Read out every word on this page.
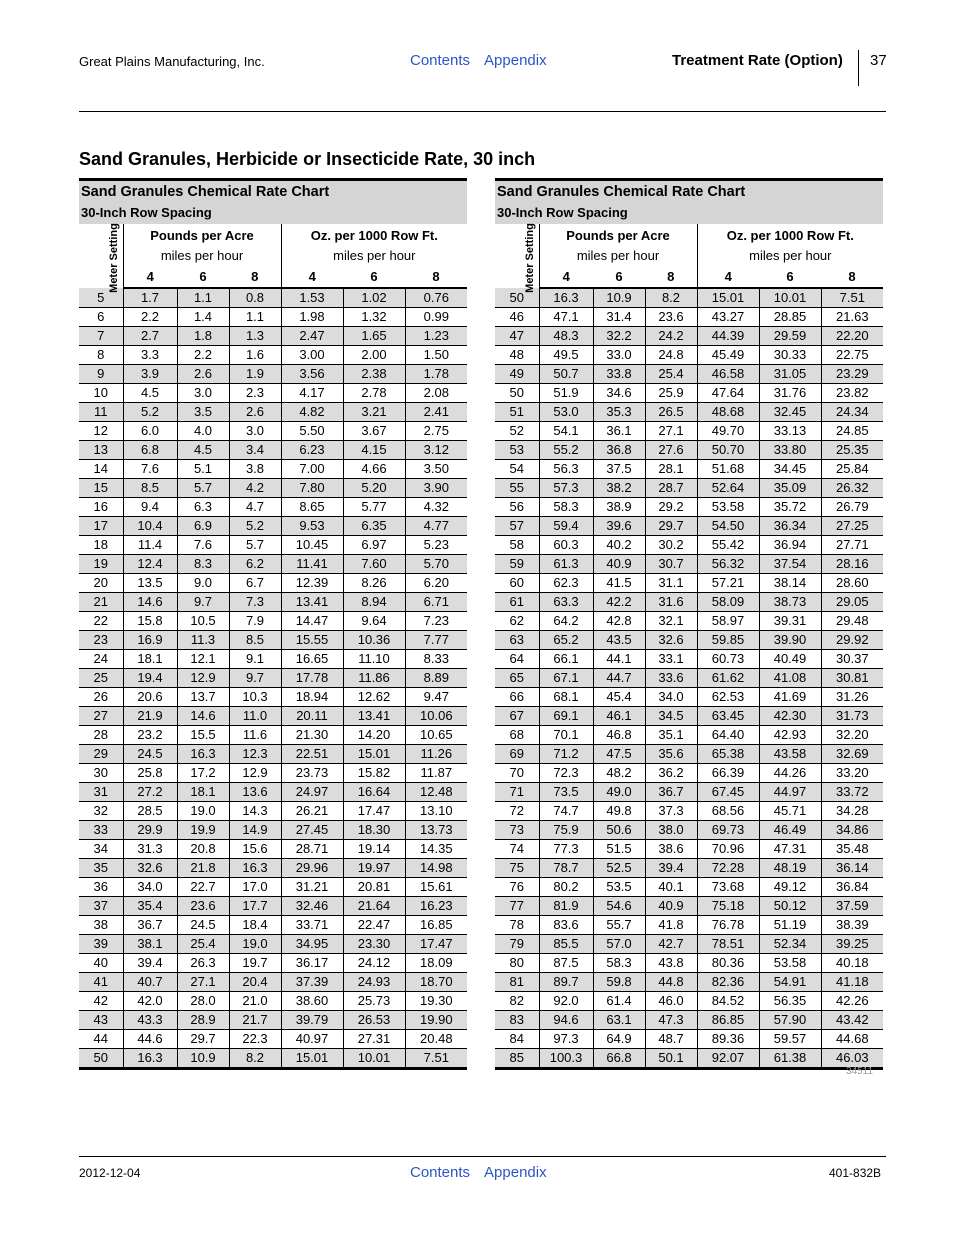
Great Plains Manufacturing, Inc.	Contents Appendix	Treatment Rate (Option) 37
Sand Granules, Herbicide or Insecticide Rate, 30 inch
Sand Granules Chemical Rate Chart
30-Inch Row Spacing						

Meter Setting	Pounds per Acre			Oz. per 1000 Row Ft.		
	miles per hour			miles per hour		
	4	6	8	4	6	8
5	1.7	1.1	0.8	1.53	1.02	0.76
6	2.2	1.4	1.1	1.98	1.32	0.99
7	2.7	1.8	1.3	2.47	1.65	1.23
8	3.3	2.2	1.6	3.00	2.00	1.50
9	3.9	2.6	1.9	3.56	2.38	1.78
10	4.5	3.0	2.3	4.17	2.78	2.08
11	5.2	3.5	2.6	4.82	3.21	2.41
12	6.0	4.0	3.0	5.50	3.67	2.75
13	6.8	4.5	3.4	6.23	4.15	3.12
14	7.6	5.1	3.8	7.00	4.66	3.50
15	8.5	5.7	4.2	7.80	5.20	3.90
16	9.4	6.3	4.7	8.65	5.77	4.32
17	10.4	6.9	5.2	9.53	6.35	4.77
18	11.4	7.6	5.7	10.45	6.97	5.23
19	12.4	8.3	6.2	11.41	7.60	5.70
20	13.5	9.0	6.7	12.39	8.26	6.20
21	14.6	9.7	7.3	13.41	8.94	6.71
22	15.8	10.5	7.9	14.47	9.64	7.23
23	16.9	11.3	8.5	15.55	10.36	7.77
24	18.1	12.1	9.1	16.65	11.10	8.33
25	19.4	12.9	9.7	17.78	11.86	8.89
26	20.6	13.7	10.3	18.94	12.62	9.47
27	21.9	14.6	11.0	20.11	13.41	10.06
28	23.2	15.5	11.6	21.30	14.20	10.65
29	24.5	16.3	12.3	22.51	15.01	11.26
30	25.8	17.2	12.9	23.73	15.82	11.87
31	27.2	18.1	13.6	24.97	16.64	12.48
32	28.5	19.0	14.3	26.21	17.47	13.10
33	29.9	19.9	14.9	27.45	18.30	13.73
34	31.3	20.8	15.6	28.71	19.14	14.35
35	32.6	21.8	16.3	29.96	19.97	14.98
36	34.0	22.7	17.0	31.21	20.81	15.61
37	35.4	23.6	17.7	32.46	21.64	16.23
38	36.7	24.5	18.4	33.71	22.47	16.85
39	38.1	25.4	19.0	34.95	23.30	17.47
40	39.4	26.3	19.7	36.17	24.12	18.09
41	40.7	27.1	20.4	37.39	24.93	18.70
42	42.0	28.0	21.0	38.60	25.73	19.30
43	43.3	28.9	21.7	39.79	26.53	19.90
44	44.6	29.7	22.3	40.97	27.31	20.48
50	16.3	10.9	8.2	15.01	10.01	7.51
Sand Granules Chemical Rate Chart
30-Inch Row Spacing						

Meter Setting	Pounds per Acre			Oz. per 1000 Row Ft.		
	miles per hour			miles per hour		
	4	6	8	4	6	8
50	16.3	10.9	8.2	15.01	10.01	7.51
46	47.1	31.4	23.6	43.27	28.85	21.63
47	48.3	32.2	24.2	44.39	29.59	22.20
48	49.5	33.0	24.8	45.49	30.33	22.75
49	50.7	33.8	25.4	46.58	31.05	23.29
50	51.9	34.6	25.9	47.64	31.76	23.82
51	53.0	35.3	26.5	48.68	32.45	24.34
52	54.1	36.1	27.1	49.70	33.13	24.85
53	55.2	36.8	27.6	50.70	33.80	25.35
54	56.3	37.5	28.1	51.68	34.45	25.84
55	57.3	38.2	28.7	52.64	35.09	26.32
56	58.3	38.9	29.2	53.58	35.72	26.79
57	59.4	39.6	29.7	54.50	36.34	27.25
58	60.3	40.2	30.2	55.42	36.94	27.71
59	61.3	40.9	30.7	56.32	37.54	28.16
60	62.3	41.5	31.1	57.21	38.14	28.60
61	63.3	42.2	31.6	58.09	38.73	29.05
62	64.2	42.8	32.1	58.97	39.31	29.48
63	65.2	43.5	32.6	59.85	39.90	29.92
64	66.1	44.1	33.1	60.73	40.49	30.37
65	67.1	44.7	33.6	61.62	41.08	30.81
66	68.1	45.4	34.0	62.53	41.69	31.26
67	69.1	46.1	34.5	63.45	42.30	31.73
68	70.1	46.8	35.1	64.40	42.93	32.20
69	71.2	47.5	35.6	65.38	43.58	32.69
70	72.3	48.2	36.2	66.39	44.26	33.20
71	73.5	49.0	36.7	67.45	44.97	33.72
72	74.7	49.8	37.3	68.56	45.71	34.28
73	75.9	50.6	38.0	69.73	46.49	34.86
74	77.3	51.5	38.6	70.96	47.31	35.48
75	78.7	52.5	39.4	72.28	48.19	36.14
76	80.2	53.5	40.1	73.68	49.12	36.84
77	81.9	54.6	40.9	75.18	50.12	37.59
78	83.6	55.7	41.8	76.78	51.19	38.39
79	85.5	57.0	42.7	78.51	52.34	39.25
80	87.5	58.3	43.8	80.36	53.58	40.18
81	89.7	59.8	44.8	82.36	54.91	41.18
82	92.0	61.4	46.0	84.52	56.35	42.26
83	94.6	63.1	47.3	86.85	57.90	43.42
84	97.3	64.9	48.7	89.36	59.57	44.68
85	100.3	66.8	50.1	92.07	61.38	46.03
34511
2012-12-04	Contents Appendix	401-832B
